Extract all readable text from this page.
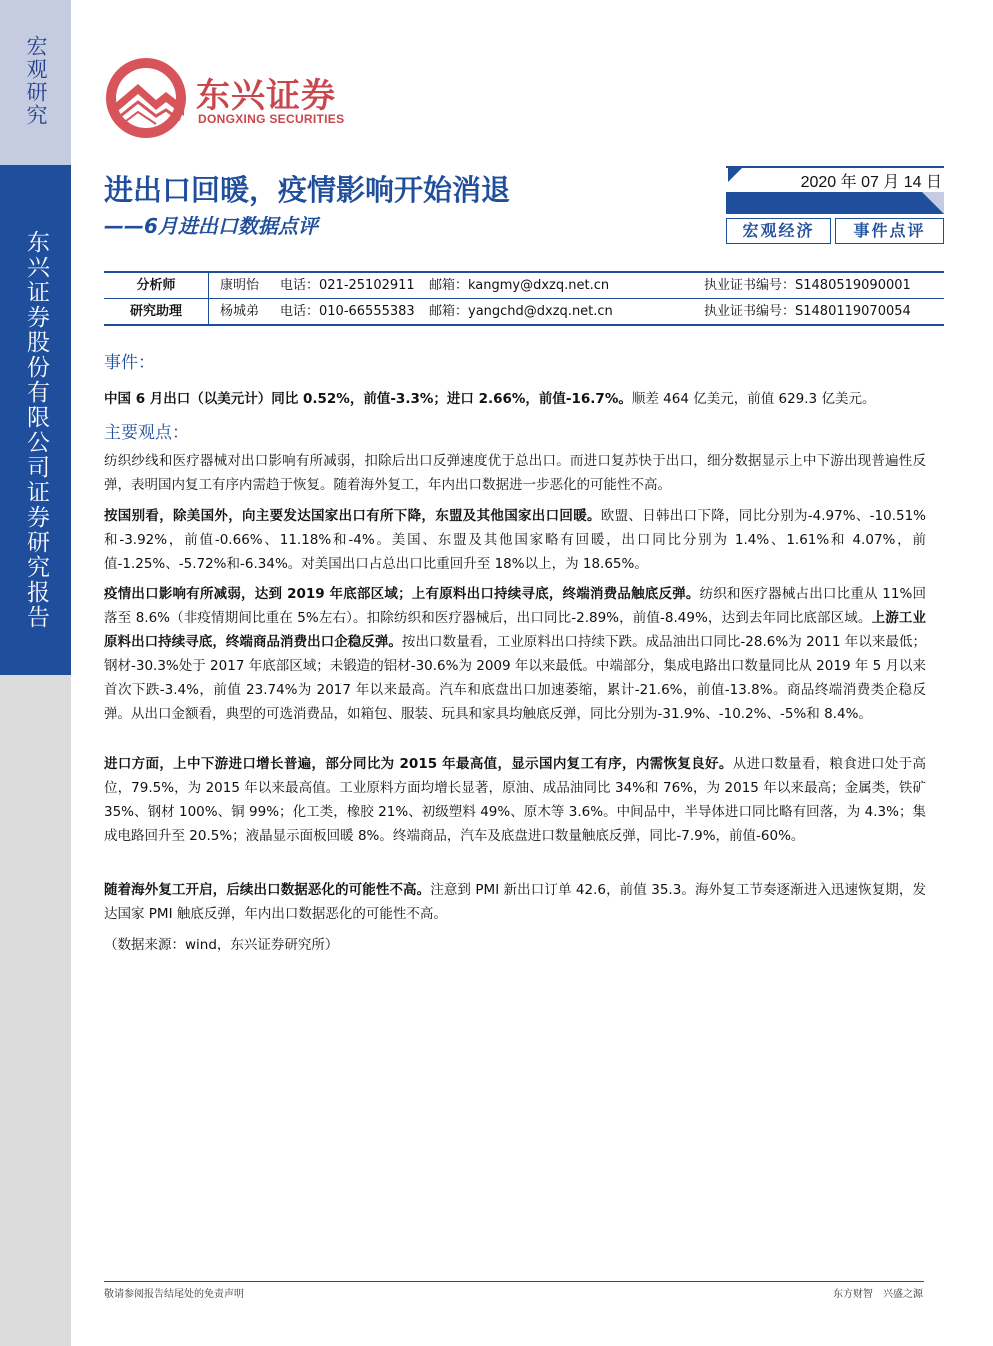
宏观研究
东兴证券股份有限公司证券研究报告
东兴证券
DONGXING SECURITIES
进出口回暖，疫情影响开始消退
——6月进出口数据点评
2020 年 07 月 14 日
宏观经济	事件点评
分析师	康明怡 电话：021-25102911 邮箱：kangmy@dxzq.net.cn	执业证书编号：S1480519090001
研究助理	杨城弟 电话：010-66555383 邮箱：yangchd@dxzq.net.cn	执业证书编号：S1480119070054
事件：
中国 6 月出口（以美元计）同比 0.52%，前值-3.3%；进口 2.66%，前值-16.7%。顺差 464 亿美元，前值 629.3 亿美元。
主要观点：
纺织纱线和医疗器械对出口影响有所减弱，扣除后出口反弹速度优于总出口。而进口复苏快于出口，细分数据显示上中下游出现普遍性反弹，表明国内复工有序内需趋于恢复。随着海外复工，年内出口数据进一步恶化的可能性不高。
按国别看，除美国外，向主要发达国家出口有所下降，东盟及其他国家出口回暖。欧盟、日韩出口下降，同比分别为-4.97%、-10.51%和-3.92%，前值-0.66%、11.18%和-4%。美国、东盟及其他国家略有回暖，出口同比分别为 1.4%、1.61%和 4.07%，前值-1.25%、-5.72%和-6.34%。对美国出口占总出口比重回升至 18%以上，为 18.65%。
疫情出口影响有所减弱，达到 2019 年底部区域；上有原料出口持续寻底，终端消费品触底反弹。纺织和医疗器械占出口比重从 11%回落至 8.6%（非疫情期间比重在 5%左右）。扣除纺织和医疗器械后，出口同比-2.89%，前值-8.49%，达到去年同比底部区域。上游工业原料出口持续寻底，终端商品消费出口企稳反弹。按出口数量看，工业原料出口持续下跌。成品油出口同比-28.6%为 2011 年以来最低；钢材-30.3%处于 2017 年底部区域；未锻造的铝材-30.6%为 2009 年以来最低。中端部分，集成电路出口数量同比从 2019 年 5 月以来首次下跌-3.4%，前值 23.74%为 2017 年以来最高。汽车和底盘出口加速萎缩，累计-21.6%，前值-13.8%。商品终端消费类企稳反弹。从出口金额看，典型的可选消费品，如箱包、服装、玩具和家具均触底反弹，同比分别为-31.9%、-10.2%、-5%和 8.4%。
进口方面，上中下游进口增长普遍，部分同比为 2015 年最高值，显示国内复工有序，内需恢复良好。从进口数量看，粮食进口处于高位，79.5%，为 2015 年以来最高值。工业原料方面均增长显著，原油、成品油同比 34%和 76%，为 2015 年以来最高；金属类，铁矿 35%、钢材 100%、铜 99%；化工类，橡胶 21%、初级塑料 49%、原木等 3.6%。中间品中，半导体进口同比略有回落，为 4.3%；集成电路回升至 20.5%；液晶显示面板回暖 8%。终端商品，汽车及底盘进口数量触底反弹，同比-7.9%，前值-60%。
随着海外复工开启，后续出口数据恶化的可能性不高。注意到 PMI 新出口订单 42.6，前值 35.3。海外复工节奏逐渐进入迅速恢复期，发达国家 PMI 触底反弹，年内出口数据恶化的可能性不高。
（数据来源：wind，东兴证券研究所）
敬请参阅报告结尾处的免责声明	东方财智　兴盛之源
